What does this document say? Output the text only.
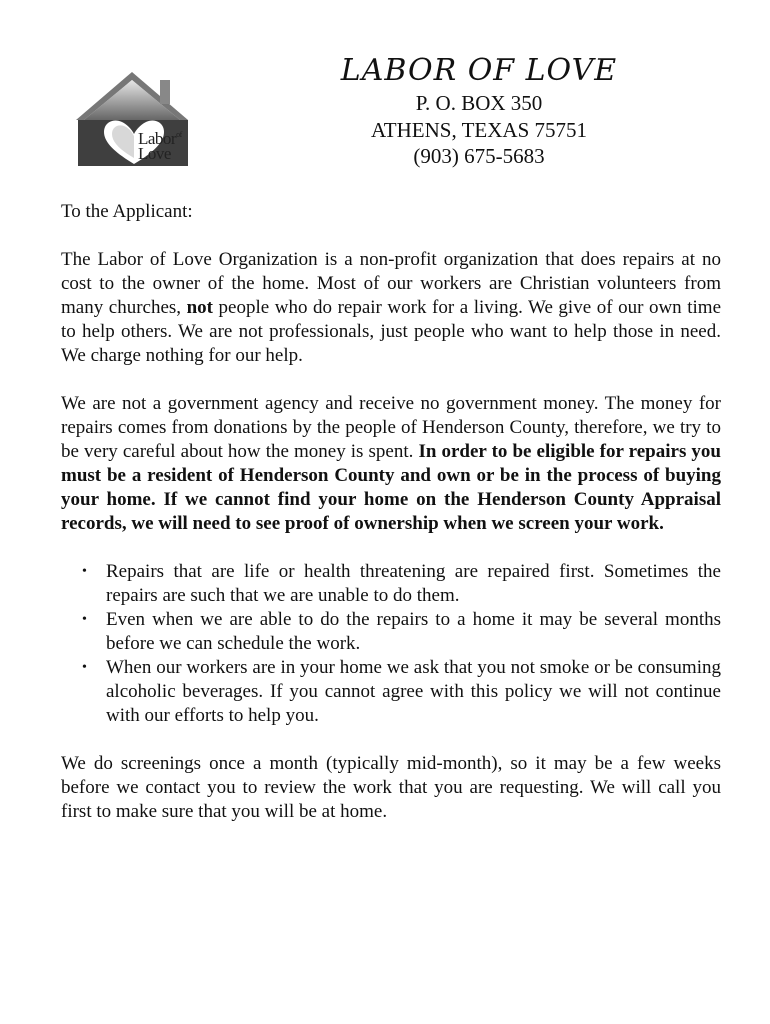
Labor$^{of}$
Love
LABOR OF LOVE
P. O. BOX 350
ATHENS, TEXAS 75751
(903) 675-5683

To the Applicant:

The Labor of Love Organization is a non-profit organization that does repairs at no cost to the owner of the home. Most of our workers are Christian volunteers from many churches, not people who do repair work for a living. We give of our own time to help others. We are not professionals, just people who want to help those in need. We charge nothing for our help.

We are not a government agency and receive no government money. The money for repairs comes from donations by the people of Henderson County, therefore, we try to be very careful about how the money is spent. In order to be eligible for repairs you must be a resident of Henderson County and own or be in the process of buying your home. If we cannot find your home on the Henderson County Appraisal records, we will need to see proof of ownership when we screen your work.

• Repairs that are life or health threatening are repaired first. Sometimes the repairs are such that we are unable to do them.
• Even when we are able to do the repairs to a home it may be several months before we can schedule the work.
• When our workers are in your home we ask that you not smoke or be consuming alcoholic beverages. If you cannot agree with this policy we will not continue with our efforts to help you.

We do screenings once a month (typically mid-month), so it may be a few weeks before we contact you to review the work that you are requesting. We will call you first to make sure that you will be at home.
